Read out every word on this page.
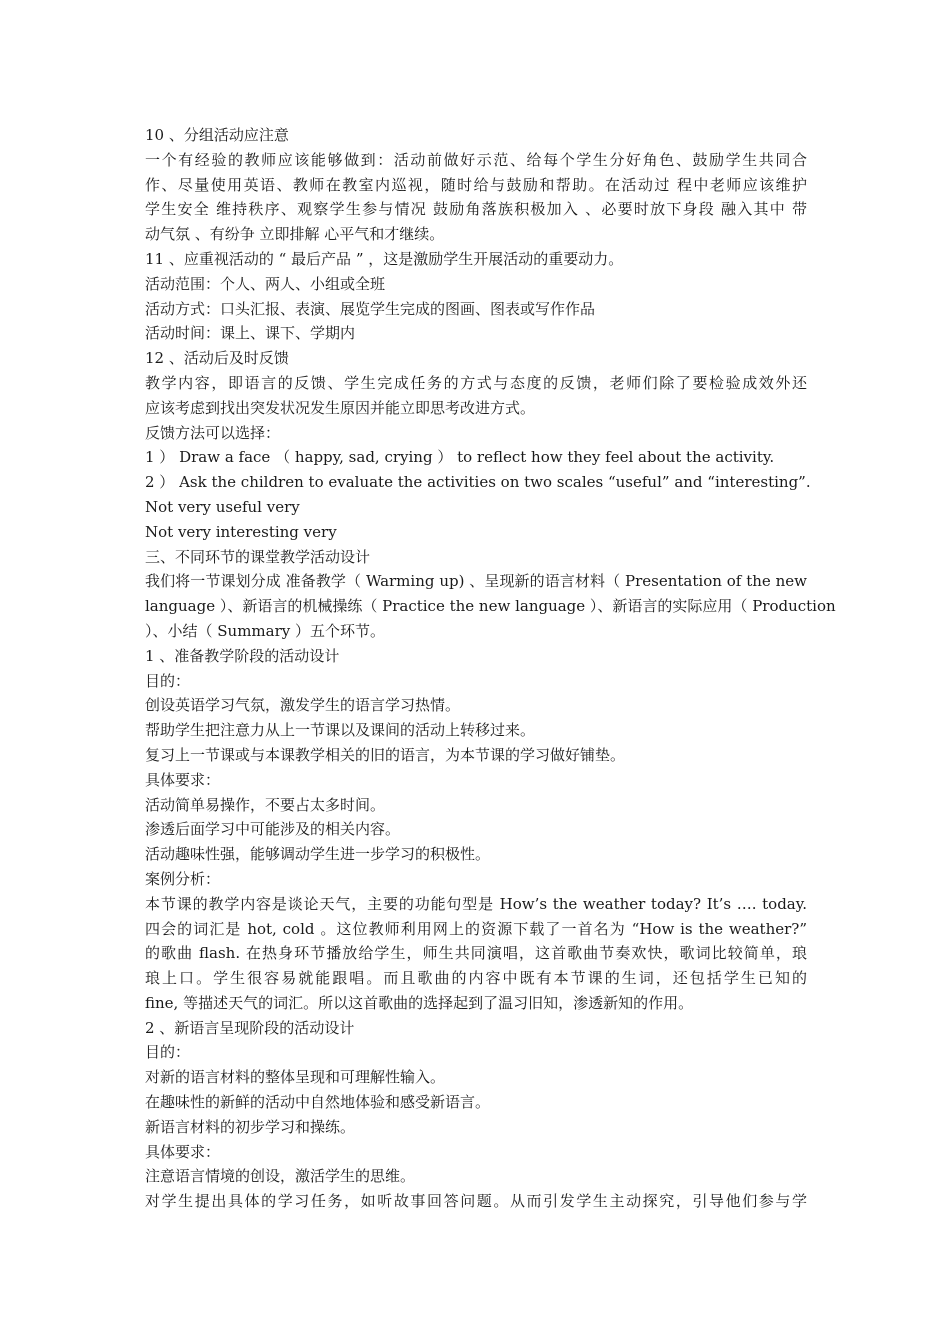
10 、分组活动应注意
一个有经验的教师应该能够做到：活动前做好示范、给每个学生分好角色、鼓励学生共同合
作、尽量使用英语、教师在教室内巡视，随时给与鼓励和帮助。在活动过 程中老师应该维护
学生安全 维持秩序、观察学生参与情况 鼓励角落族积极加入 、必要时放下身段 融入其中 带
动气氛 、有纷争 立即排解 心平气和才继续。
11 、应重视活动的 “ 最后产品 ” ，这是激励学生开展活动的重要动力。
活动范围：个人、两人、小组或全班
活动方式：口头汇报、表演、展览学生完成的图画、图表或写作作品
活动时间：课上、课下、学期内
12 、活动后及时反馈
教学内容，即语言的反馈、学生完成任务的方式与态度的反馈，老师们除了要检验成效外还
应该考虑到找出突发状况发生原因并能立即思考改进方式。
反馈方法可以选择：
1 ） Draw a face （ happy, sad, crying ） to reflect how they feel about the activity.
2 ） Ask the children to evaluate the activities on two scales “useful” and “interesting”.
Not very useful very
Not very interesting very
三、不同环节的课堂教学活动设计
我们将一节课划分成 准备教学（ Warming up) 、呈现新的语言材料（ Presentation of the new
language ）、新语言的机械操练（ Practice the new language ）、新语言的实际应用（ Production
）、小结（ Summary ）五个环节。
1 、准备教学阶段的活动设计
目的：
创设英语学习气氛，激发学生的语言学习热情。
帮助学生把注意力从上一节课以及课间的活动上转移过来。
复习上一节课或与本课教学相关的旧的语言，为本节课的学习做好铺垫。
具体要求：
活动简单易操作，不要占太多时间。
渗透后面学习中可能涉及的相关内容。
活动趣味性强，能够调动学生进一步学习的积极性。
案例分析：
本节课的教学内容是谈论天气，主要的功能句型是 How’s the weather today? It’s …. today.
四会的词汇是 hot, cold 。这位教师利用网上的资源下载了一首名为 “How is the weather?”
的歌曲 flash. 在热身环节播放给学生，师生共同演唱，这首歌曲节奏欢快，歌词比较简单，琅
琅上口。学生很容易就能跟唱。而且歌曲的内容中既有本节课的生词，还包括学生已知的
fine, 等描述天气的词汇。所以这首歌曲的选择起到了温习旧知，渗透新知的作用。
2 、新语言呈现阶段的活动设计
目的：
对新的语言材料的整体呈现和可理解性输入。
在趣味性的新鲜的活动中自然地体验和感受新语言。
新语言材料的初步学习和操练。
具体要求：
注意语言情境的创设，激活学生的思维。
对学生提出具体的学习任务，如听故事回答问题。从而引发学生主动探究，引导他们参与学
